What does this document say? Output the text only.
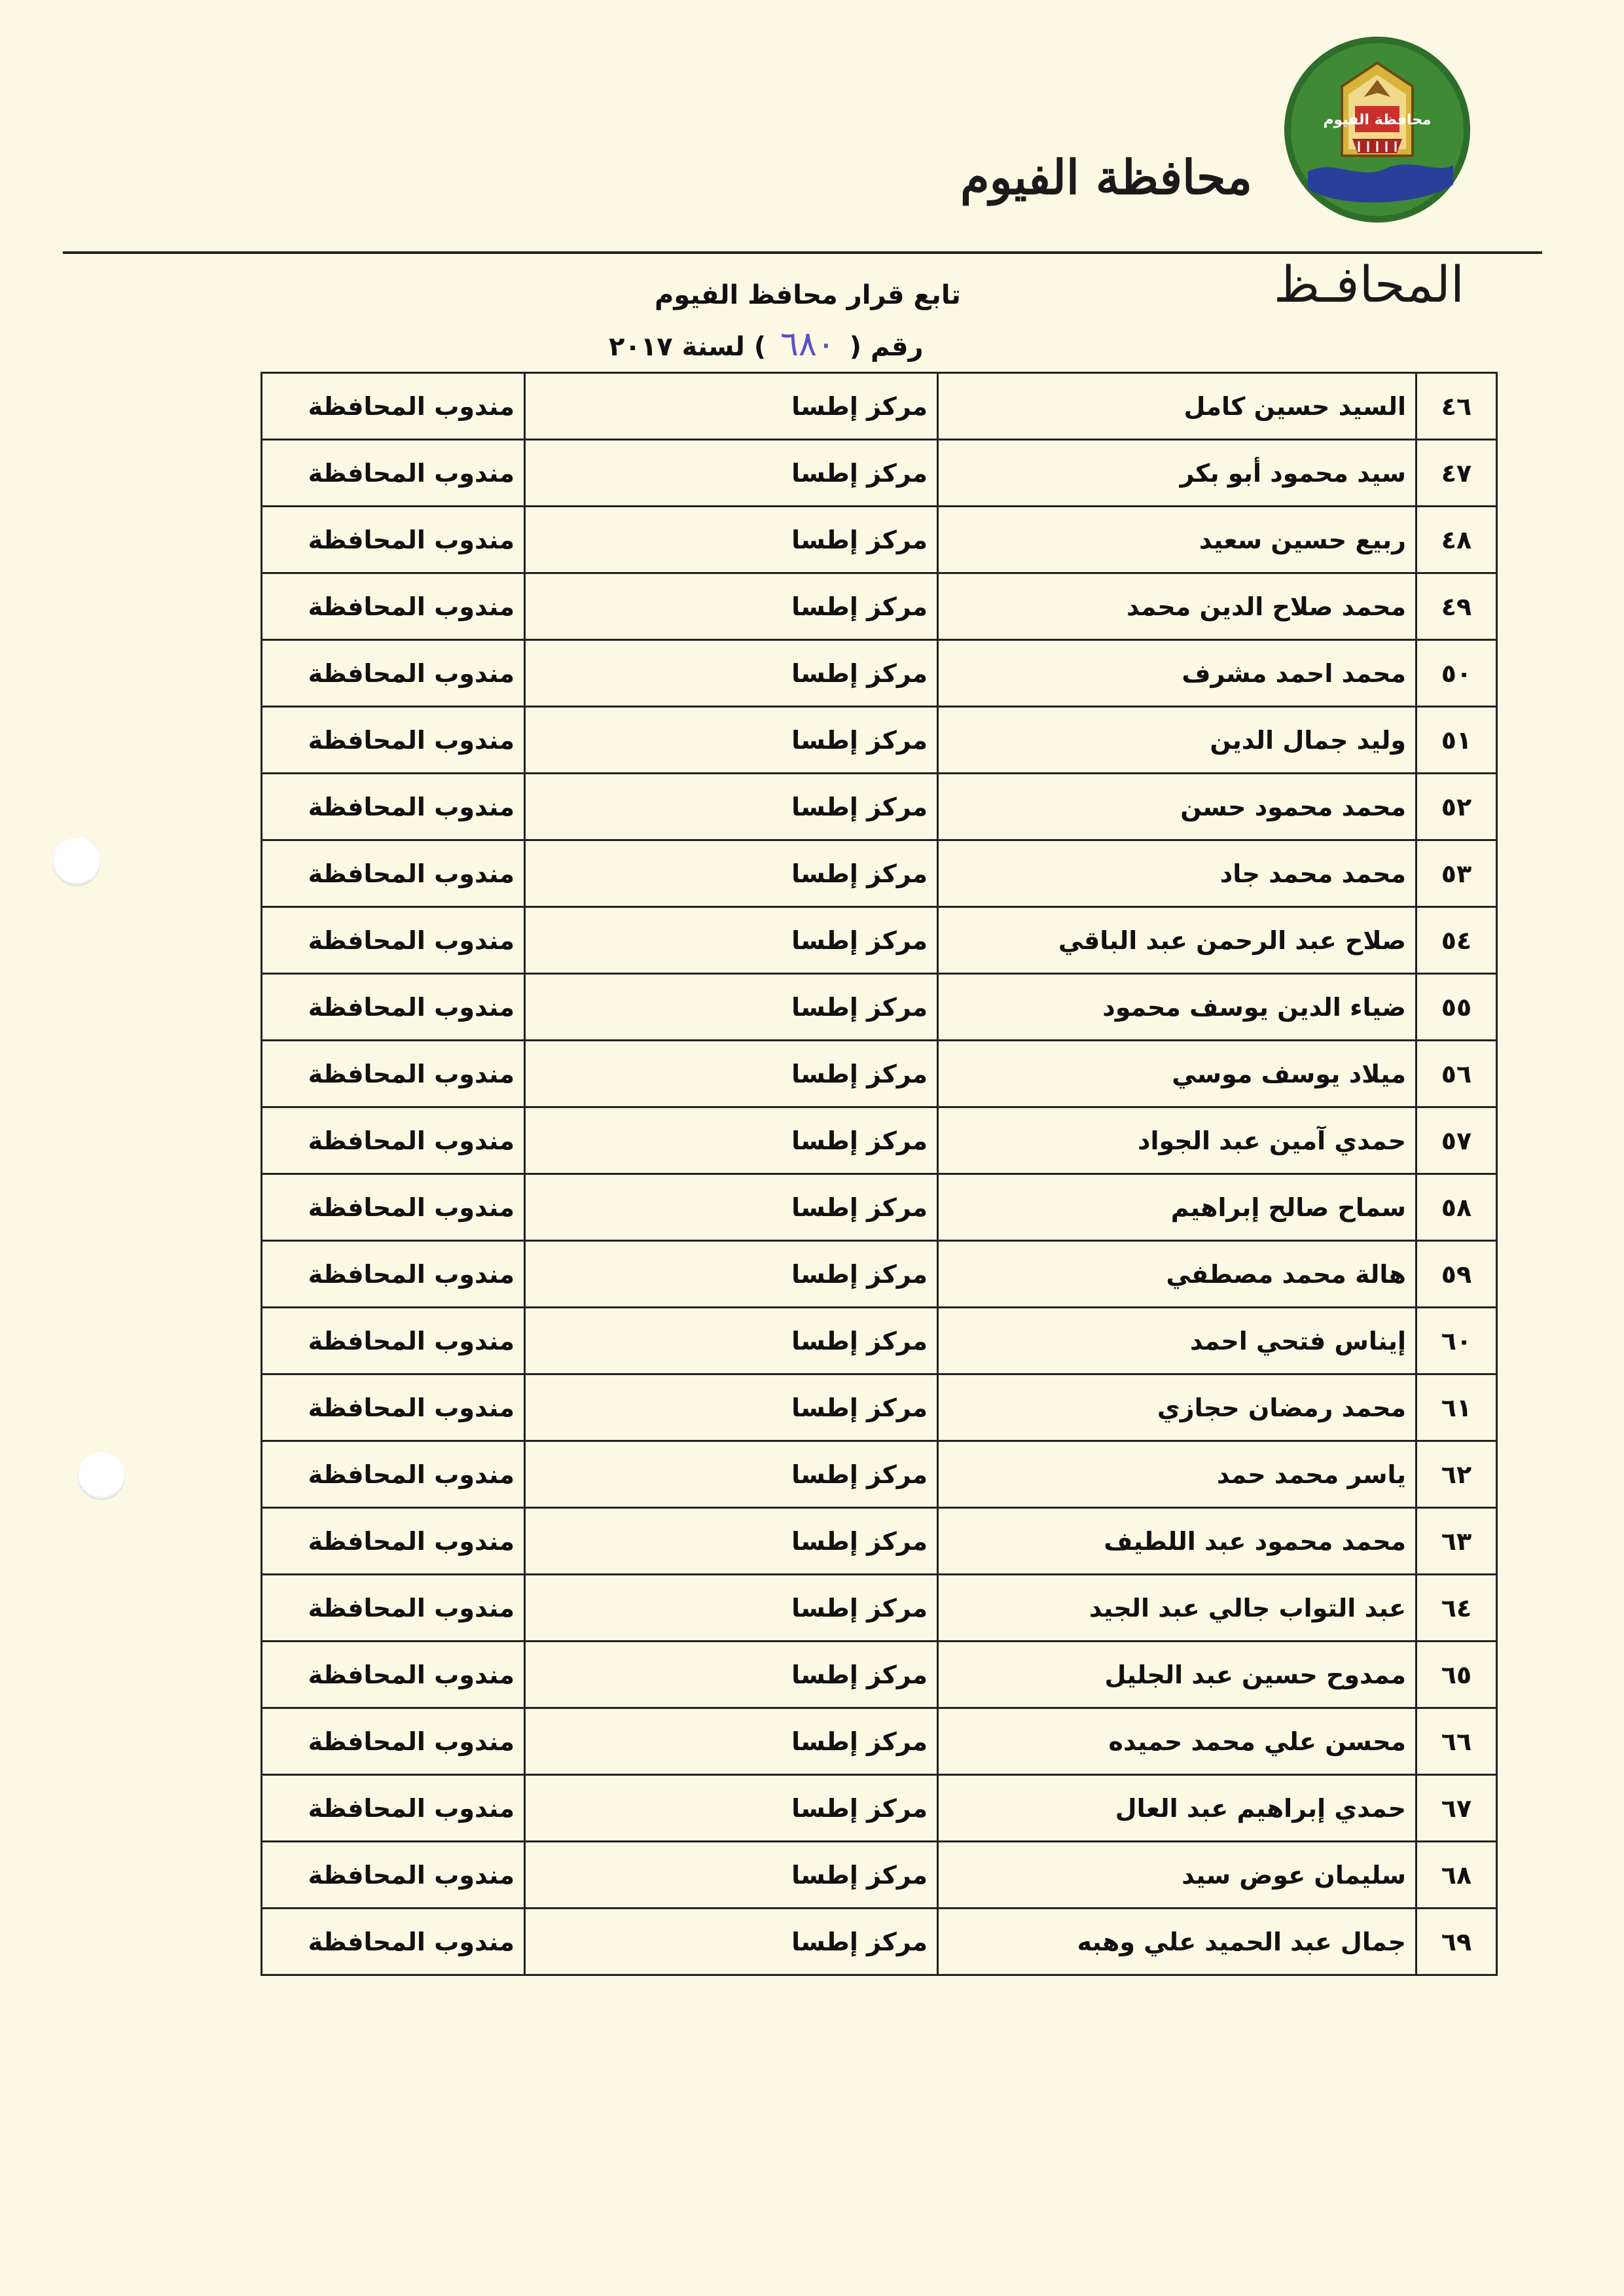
محافظة الفيوم
محافظة الفيوم
المحافـظ
تابع قرار محافظ الفيوم
رقم ( ٦٨٠ ) لسنة ٢٠١٧
٤٦	السيد حسين كامل	مركز إطسا	مندوب المحافظة
٤٧	سيد محمود أبو بكر	مركز إطسا	مندوب المحافظة
٤٨	ربيع حسين سعيد	مركز إطسا	مندوب المحافظة
٤٩	محمد صلاح الدين محمد	مركز إطسا	مندوب المحافظة
٥٠	محمد احمد مشرف	مركز إطسا	مندوب المحافظة
٥١	وليد جمال الدين	مركز إطسا	مندوب المحافظة
٥٢	محمد محمود حسن	مركز إطسا	مندوب المحافظة
٥٣	محمد محمد جاد	مركز إطسا	مندوب المحافظة
٥٤	صلاح عبد الرحمن عبد الباقي	مركز إطسا	مندوب المحافظة
٥٥	ضياء الدين يوسف محمود	مركز إطسا	مندوب المحافظة
٥٦	ميلاد يوسف موسي	مركز إطسا	مندوب المحافظة
٥٧	حمدي آمين عبد الجواد	مركز إطسا	مندوب المحافظة
٥٨	سماح صالح إبراهيم	مركز إطسا	مندوب المحافظة
٥٩	هالة محمد مصطفي	مركز إطسا	مندوب المحافظة
٦٠	إيناس فتحي احمد	مركز إطسا	مندوب المحافظة
٦١	محمد رمضان حجازي	مركز إطسا	مندوب المحافظة
٦٢	ياسر محمد حمد	مركز إطسا	مندوب المحافظة
٦٣	محمد محمود عبد اللطيف	مركز إطسا	مندوب المحافظة
٦٤	عبد التواب جالي عبد الجيد	مركز إطسا	مندوب المحافظة
٦٥	ممدوح حسين عبد الجليل	مركز إطسا	مندوب المحافظة
٦٦	محسن علي محمد حميده	مركز إطسا	مندوب المحافظة
٦٧	حمدي إبراهيم عبد العال	مركز إطسا	مندوب المحافظة
٦٨	سليمان عوض سيد	مركز إطسا	مندوب المحافظة
٦٩	جمال عبد الحميد علي وهبه	مركز إطسا	مندوب المحافظة
